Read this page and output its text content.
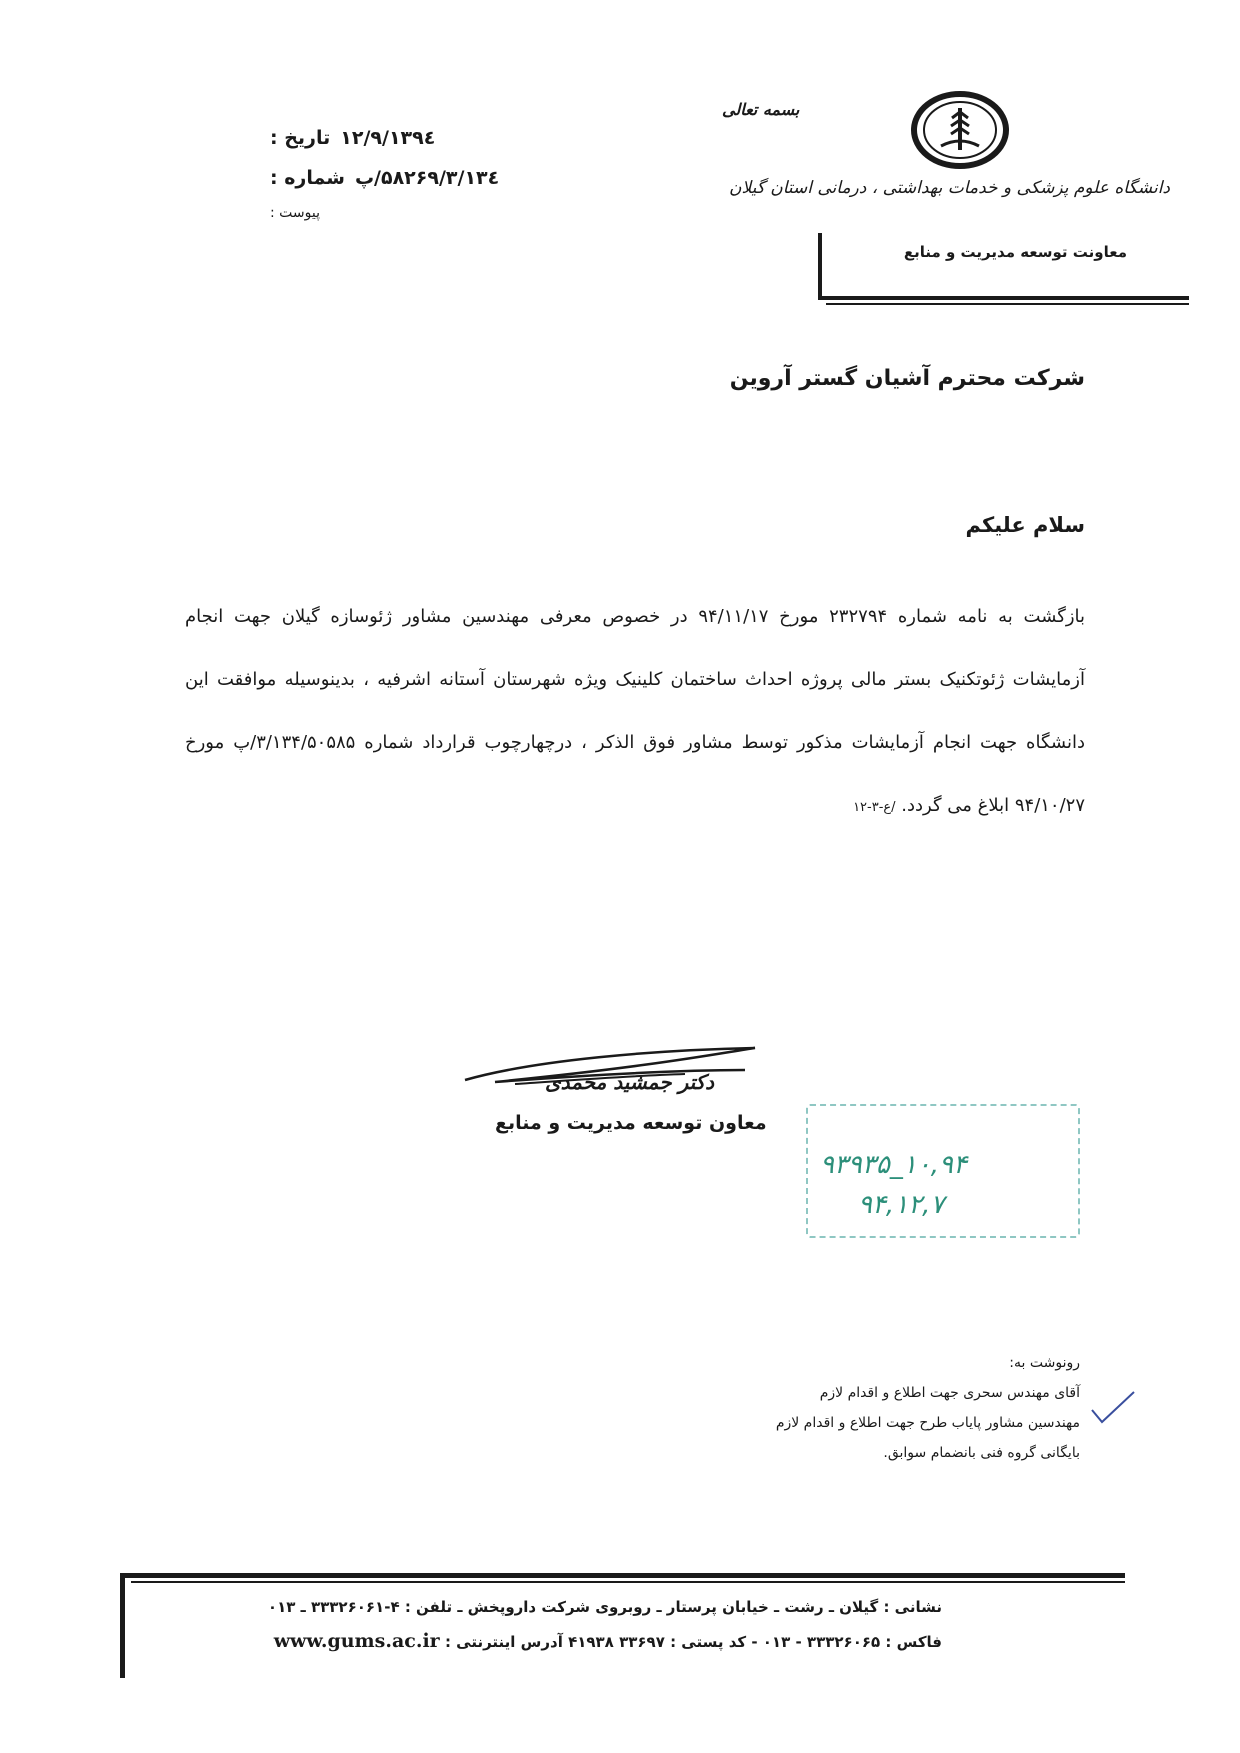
تاریخ : ۱۳۹٤/۱۲/۹
شماره : ۳/۱۳٤/۵۸۲۶۹/پ
پیوست :
بسمه تعالی
دانشگاه علوم پزشکی و خدمات بهداشتی ، درمانی استان گیلان
معاونت توسعه مدیریت و منابع
شرکت محترم آشیان گستر آروین
سلام علیکم
بازگشت به نامه شماره ۲۳۲۷۹۴ مورخ ۹۴/۱۱/۱۷ در خصوص معرفی مهندسین مشاور ژئوسازه گیلان جهت انجام آزمایشات ژئوتکنیک بستر مالی پروژه احداث ساختمان کلینیک ویژه شهرستان آستانه اشرفیه ، بدینوسیله موافقت این دانشگاه جهت انجام آزمایشات مذکور توسط مشاور فوق الذکر ، درچهارچوب قرارداد شماره ۳/۱۳۴/۵۰۵۸۵/پ مورخ ۹۴/۱۰/۲۷ ابلاغ می گردد. /ع-۳-۱۲
دکتر جمشید محمدی
معاون توسعه مدیریت و منابع
۱۰,۹۴_۹۳۹۳۵
۹۴,۱۲,۷
رونوشت به:
آقای مهندس سحری جهت اطلاع و اقدام لازم
مهندسین مشاور پایاب طرح جهت اطلاع و اقدام لازم
بایگانی گروه فنی بانضمام سوابق.
نشانی : گیلان ـ رشت ـ خیابان پرستار ـ روبروی شرکت داروپخش ـ تلفن : ۴-۳۳۳۲۶۰۶۱ ـ ۰۱۳
فاکس : ۳۳۳۲۶۰۶۵ - ۰۱۳ - کد پستی : ۳۳۶۹۷ ۴۱۹۳۸ آدرس اینترنتی : www.gums.ac.ir
